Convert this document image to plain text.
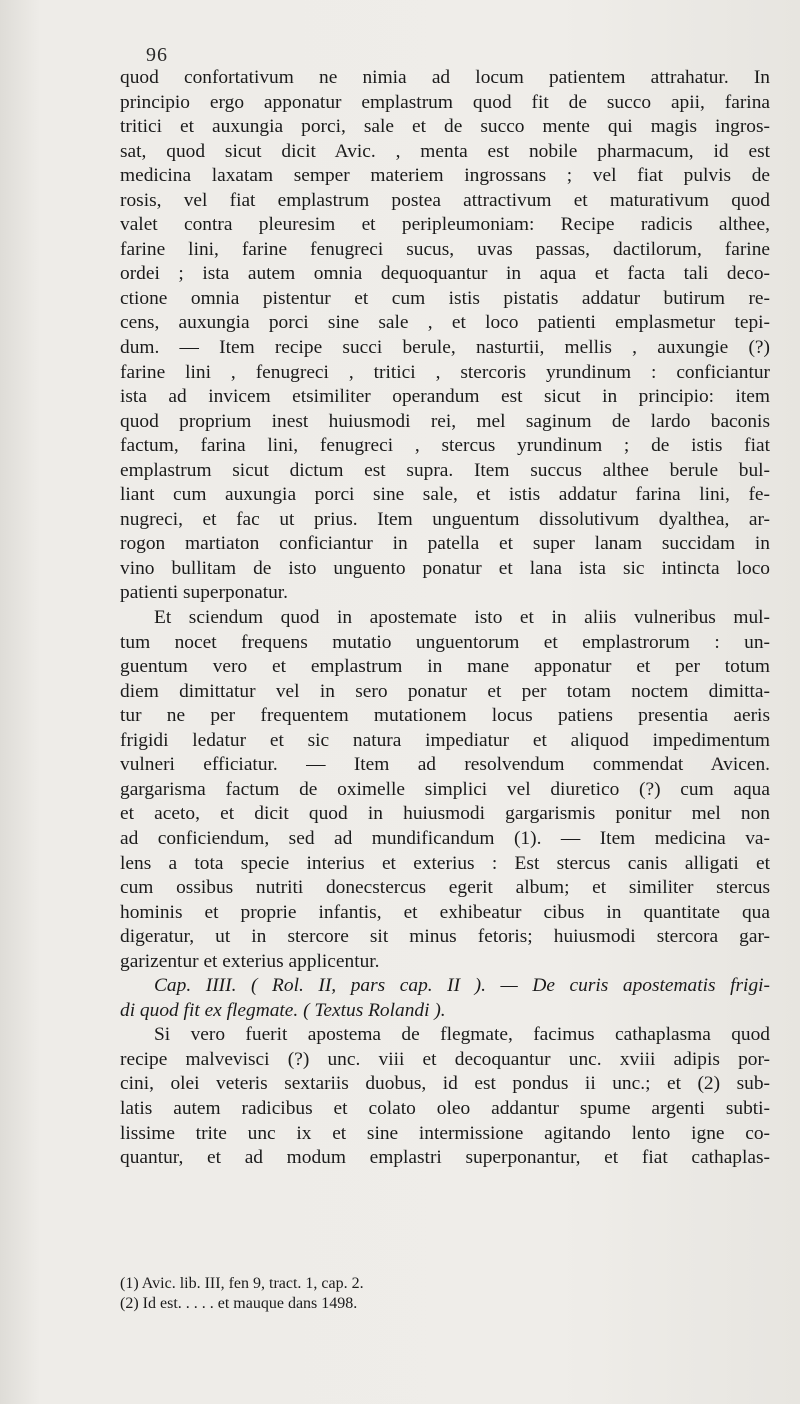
96
quod confortativum ne nimia ad locum patientem attrahatur. In
principio ergo apponatur emplastrum quod fit de succo apii, farina
tritici et auxungia porci, sale et de succo mente qui magis ingros-
sat, quod sicut dicit Avic. , menta est nobile pharmacum, id est
medicina laxatam semper materiem ingrossans ; vel fiat pulvis de
rosis, vel fiat emplastrum postea attractivum et maturativum quod
valet contra pleuresim et peripleumoniam: Recipe radicis althee,
farine lini, farine fenugreci sucus, uvas passas, dactilorum, farine
ordei ; ista autem omnia dequoquantur in aqua et facta tali deco-
ctione omnia pistentur et cum istis pistatis addatur butirum re-
cens, auxungia porci sine sale , et loco patienti emplasmetur tepi-
dum. — Item recipe succi berule, nasturtii, mellis , auxungie (?)
farine lini , fenugreci , tritici , stercoris yrundinum : conficiantur
ista ad invicem etsimiliter operandum est sicut in principio: item
quod proprium inest huiusmodi rei, mel saginum de lardo baconis
factum, farina lini, fenugreci , stercus yrundinum ; de istis fiat
emplastrum sicut dictum est supra. Item succus althee berule bul-
liant cum auxungia porci sine sale, et istis addatur farina lini, fe-
nugreci, et fac ut prius. Item unguentum dissolutivum dyalthea, ar-
rogon martiaton conficiantur in patella et super lanam succidam in
vino bullitam de isto unguento ponatur et lana ista sic intincta loco
patienti superponatur.
Et sciendum quod in apostemate isto et in aliis vulneribus mul-
tum nocet frequens mutatio unguentorum et emplastrorum : un-
guentum vero et emplastrum in mane apponatur et per totum
diem dimittatur vel in sero ponatur et per totam noctem dimitta-
tur ne per frequentem mutationem locus patiens presentia aeris
frigidi ledatur et sic natura impediatur et aliquod impedimentum
vulneri efficiatur. — Item ad resolvendum commendat Avicen.
gargarisma factum de oximelle simplici vel diuretico (?) cum aqua
et aceto, et dicit quod in huiusmodi gargarismis ponitur mel non
ad conficiendum, sed ad mundificandum (1). — Item medicina va-
lens a tota specie interius et exterius : Est stercus canis alligati et
cum ossibus nutriti donecstercus egerit album; et similiter stercus
hominis et proprie infantis, et exhibeatur cibus in quantitate qua
digeratur, ut in stercore sit minus fetoris; huiusmodi stercora gar-
garizentur et exterius applicentur.
Cap. IIII. ( Rol. II, pars cap. II ). — De curis apostematis frigi-
di quod fit ex flegmate. ( Textus Rolandi ).
Si vero fuerit apostema de flegmate, facimus cathaplasma quod
recipe malvevisci (?) unc. viii et decoquantur unc. xviii adipis por-
cini, olei veteris sextariis duobus, id est pondus ii unc.; et (2) sub-
latis autem radicibus et colato oleo addantur spume argenti subti-
lissime trite unc ix et sine intermissione agitando lento igne co-
quantur, et ad modum emplastri superponantur, et fiat cathaplas-
(1) Avic. lib. III, fen 9, tract. 1, cap. 2.
(2) Id est. . . . . et mauque dans 1498.
